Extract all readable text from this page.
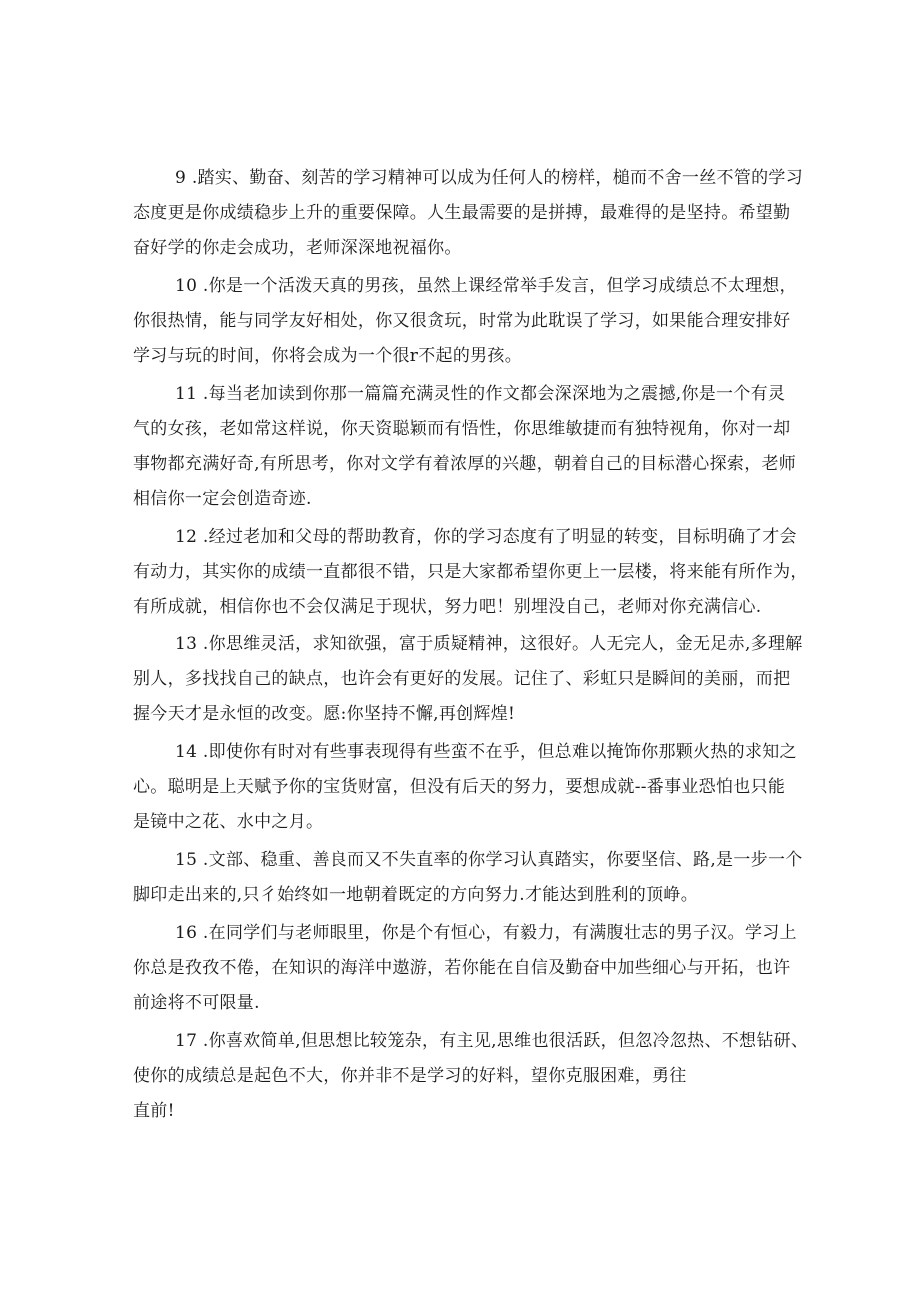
9 .踏实、勤奋、刻苦的学习精神可以成为任何人的榜样，槌而不舍一丝不管的学习
态度更是你成绩稳步上升的重要保障。人生最需要的是拼搏，最难得的是坚持。希望勤
奋好学的你走会成功，老师深深地祝福你。
10 .你是一个活泼天真的男孩，虽然上课经常举手发言，但学习成绩总不太理想，
你很热情，能与同学友好相处，你又很贪玩，时常为此耽误了学习，如果能合理安排好
学习与玩的时间，你将会成为一个很r不起的男孩。
11 .每当老加读到你那一篇篇充满灵性的作文都会深深地为之震撼,你是一个有灵
气的女孩，老如常这样说，你天资聪颖而有悟性，你思维敏捷而有独特视角，你对一却
事物都充满好奇,有所思考，你对文学有着浓厚的兴趣，朝着自己的目标潜心探索，老师
相信你一定会创造奇迹.
12 .经过老加和父母的帮助教育，你的学习态度有了明显的转变，目标明确了才会
有动力，其实你的成绩一直都很不错，只是大家都希望你更上一层楼，将来能有所作为，
有所成就，相信你也不会仅满足于现状，努力吧！别埋没自己，老师对你充满信心.
13 .你思维灵活，求知欲强，富于质疑精神，这很好。人无完人，金无足赤,多理解
别人，多找找自己的缺点，也许会有更好的发展。记住了、彩虹只是瞬间的美丽，而把
握今天才是永恒的改变。愿:你坚持不懈,再创辉煌!
14 .即使你有时对有些事表现得有些蛮不在乎，但总难以掩饰你那颗火热的求知之
心。聪明是上天赋予你的宝货财富，但没有后天的努力，要想成就--番事业恐怕也只能
是镜中之花、水中之月。
15 .文部、稳重、善良而又不失直率的你学习认真踏实，你要坚信、路,是一步一个
脚印走出来的,只彳始终如一地朝着既定的方向努力.才能达到胜利的顶峥。
16 .在同学们与老师眼里，你是个有恒心，有毅力，有满腹壮志的男子汉。学习上
你总是孜孜不倦，在知识的海洋中遨游，若你能在自信及勤奋中加些细心与开拓，也许
前途将不可限量.
17 .你喜欢简单,但思想比较笼杂，有主见,思维也很活跃，但忽冷忽热、不想钻研、
使你的成绩总是起色不大，你并非不是学习的好料，望你克服困难，勇往
直前!
